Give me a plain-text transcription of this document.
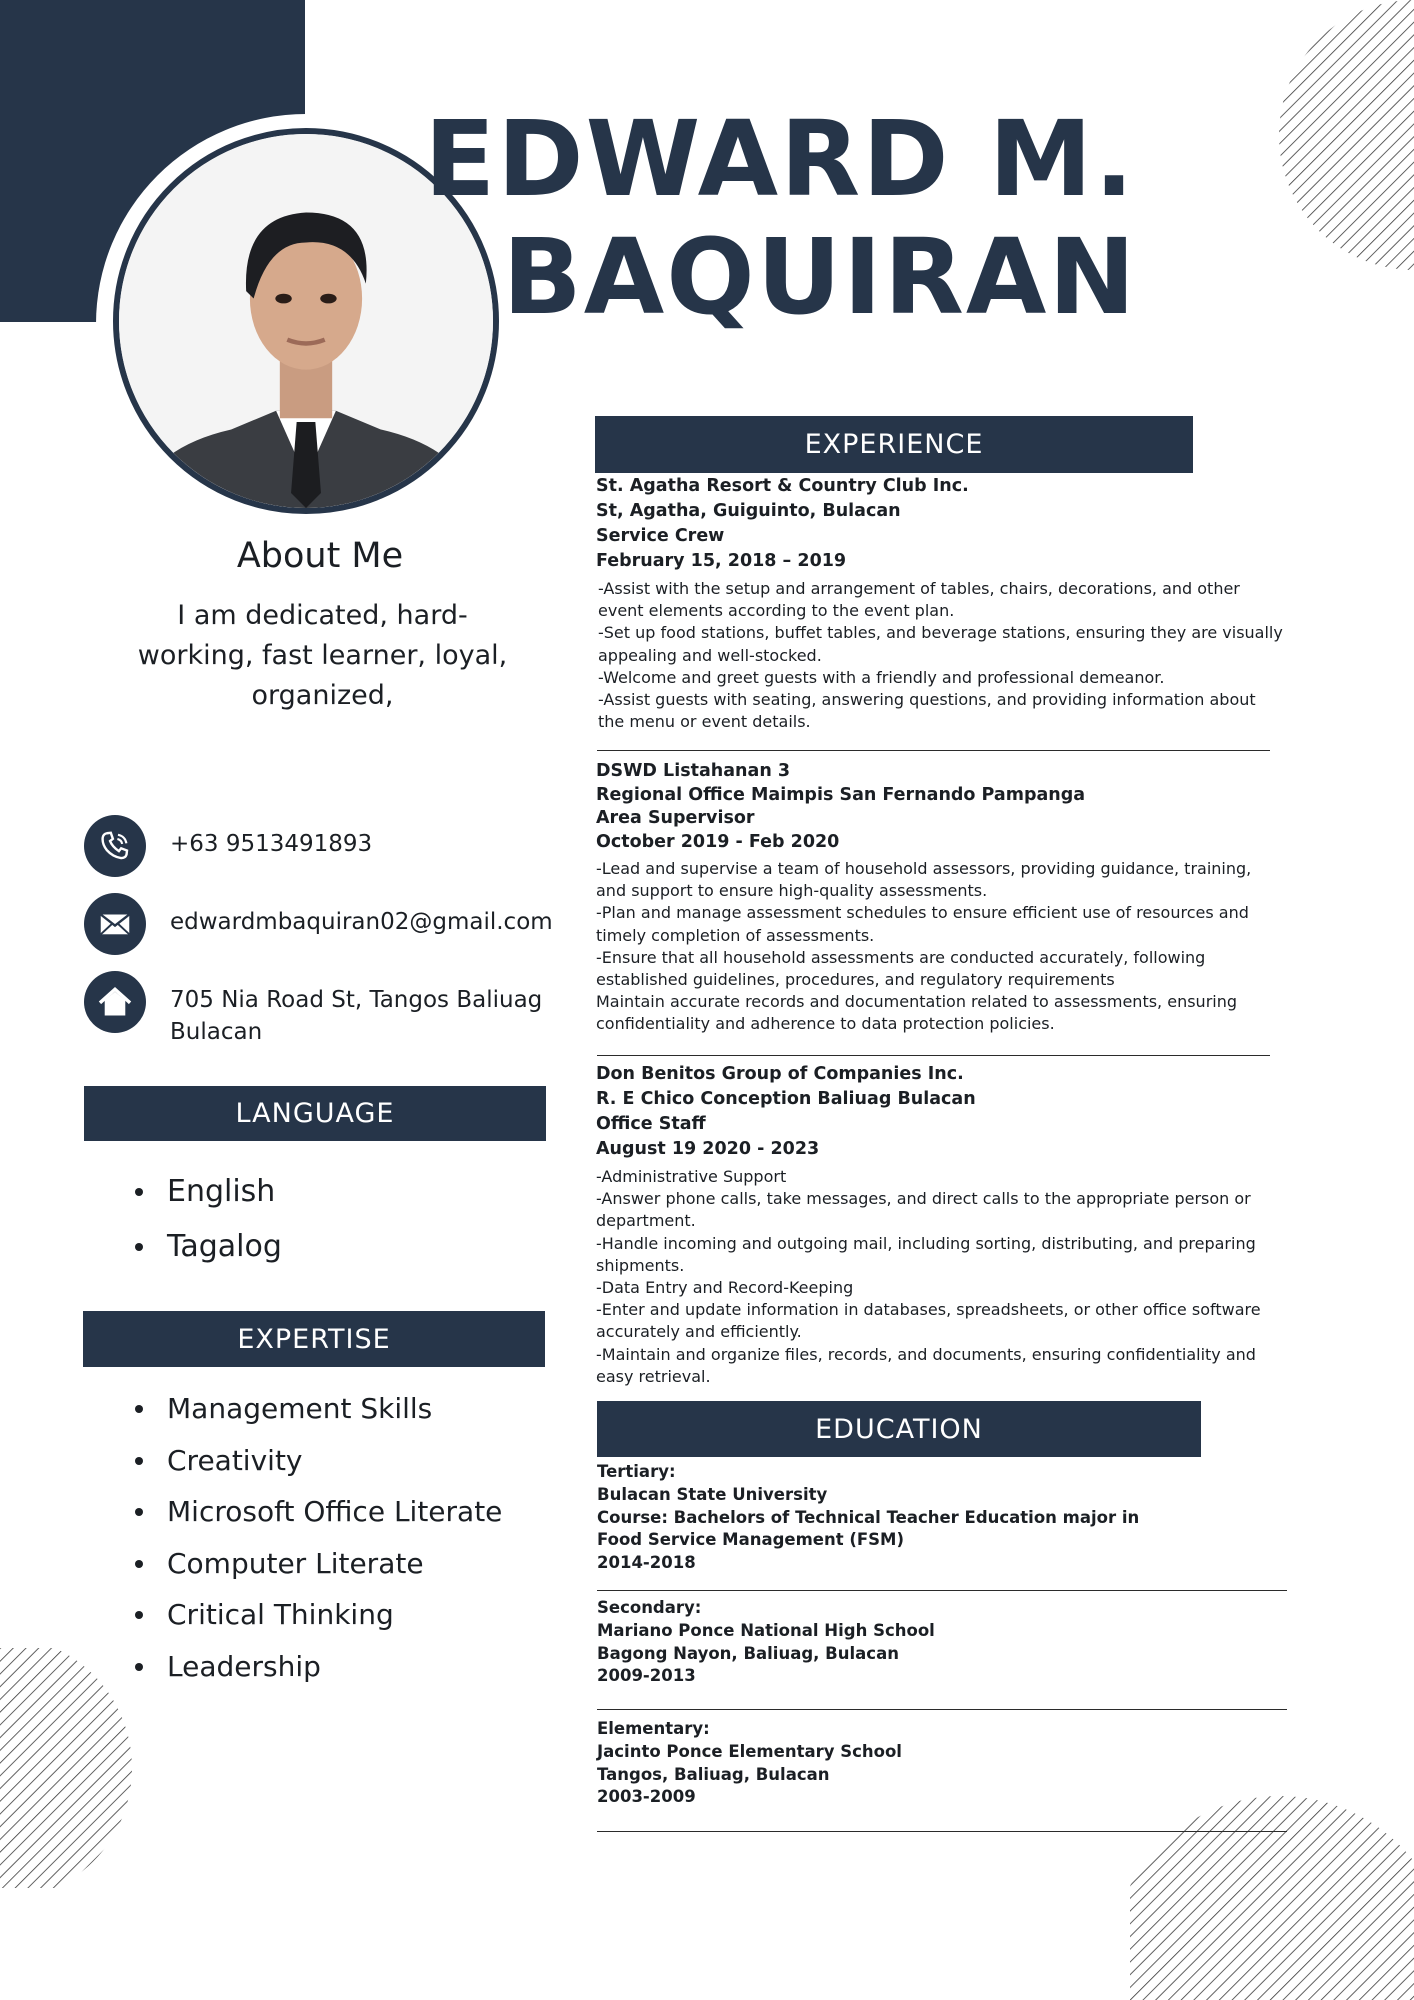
EDWARD M.
BAQUIRAN
About Me
I am dedicated, hard-working, fast learner, loyal, organized,
+63 9513491893
edwardmbaquiran02@gmail.com
705 Nia Road St, Tangos Baliuag Bulacan
LANGUAGE
English
Tagalog
EXPERTISE
Management Skills
Creativity
Microsoft Office Literate
Computer Literate
Critical Thinking
Leadership
EXPERIENCE
St. Agatha Resort & Country Club Inc.
St, Agatha, Guiguinto, Bulacan
Service Crew
February 15, 2018 – 2019
-Assist with the setup and arrangement of tables, chairs, decorations, and other event elements according to the event plan.
-Set up food stations, buffet tables, and beverage stations, ensuring they are visually appealing and well-stocked.
-Welcome and greet guests with a friendly and professional demeanor.
-Assist guests with seating, answering questions, and providing information about the menu or event details.
DSWD Listahanan 3
Regional Office Maimpis San Fernando Pampanga
Area Supervisor
October 2019 - Feb 2020
-Lead and supervise a team of household assessors, providing guidance, training, and support to ensure high-quality assessments.
-Plan and manage assessment schedules to ensure efficient use of resources and timely completion of assessments.
-Ensure that all household assessments are conducted accurately, following established guidelines, procedures, and regulatory requirements
Maintain accurate records and documentation related to assessments, ensuring confidentiality and adherence to data protection policies.
Don Benitos Group of Companies Inc.
R. E Chico Conception Baliuag Bulacan
Office Staff
August 19 2020 - 2023
-Administrative Support
-Answer phone calls, take messages, and direct calls to the appropriate person or department.
-Handle incoming and outgoing mail, including sorting, distributing, and preparing shipments.
-Data Entry and Record-Keeping
-Enter and update information in databases, spreadsheets, or other office software accurately and efficiently.
-Maintain and organize files, records, and documents, ensuring confidentiality and easy retrieval.
EDUCATION
Tertiary:
Bulacan State University
Course: Bachelors of Technical Teacher Education major in
Food Service Management (FSM)
2014-2018
Secondary:
Mariano Ponce National High School
Bagong Nayon, Baliuag, Bulacan
2009-2013
Elementary:
Jacinto Ponce Elementary School
Tangos, Baliuag, Bulacan
2003-2009
